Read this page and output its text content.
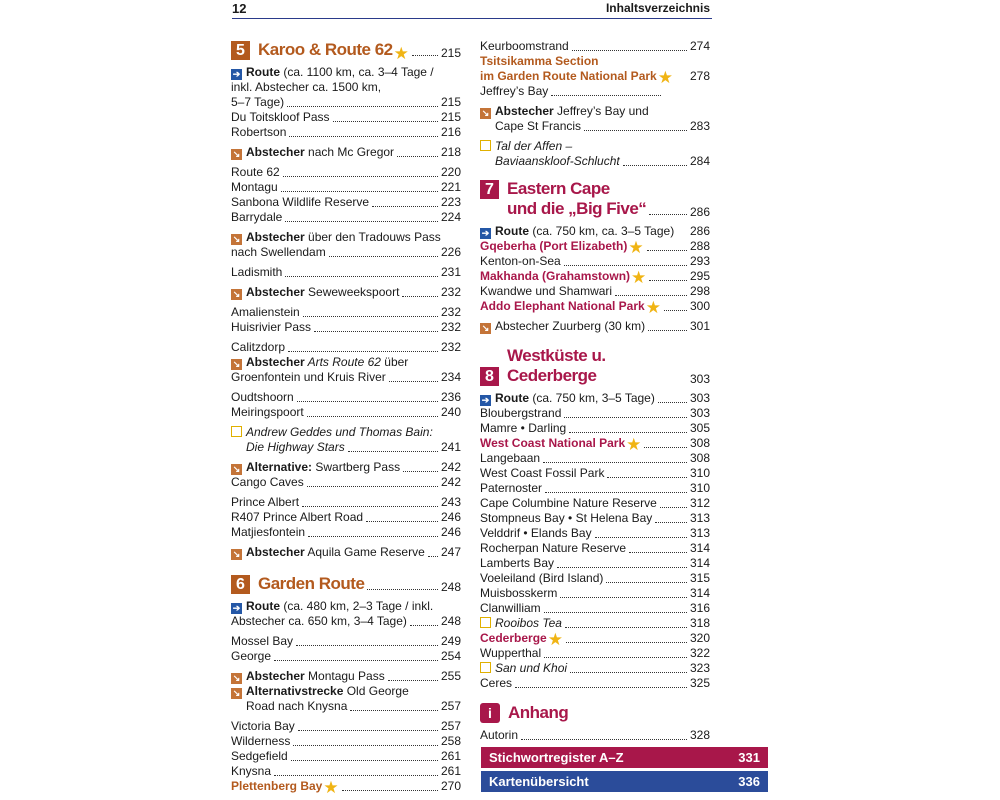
12	Inhaltsverzeichnis
5 Karoo & Route 62 ★	215
➔ Route (ca. 1100 km, ca. 3–4 Tage /
inkl. Abstecher ca. 1500 km,
5–7 Tage)	215
Du Toitskloof Pass	215
Robertson	216
↘ Abstecher nach Mc Gregor	218
Route 62	220
Montagu	221
Sanbona Wildlife Reserve	223
Barrydale	224
↘ Abstecher über den Tradouws Pass
nach Swellendam	226
Ladismith	231
↘ Abstecher Seweweekspoort	232
Amalienstein	232
Huisrivier Pass	232
Calitzdorp	232
↘ Abstecher Arts Route 62 über
Groenfontein und Kruis River	234
Oudtshoorn	236
Meiringspoort	240
Andrew Geddes und Thomas Bain:
Die Highway Stars	241
↘ Alternative: Swartberg Pass	242
Cango Caves	242
Prince Albert	243
R407 Prince Albert Road	246
Matjiesfontein	246
↘ Abstecher Aquila Game Reserve 247
6 Garden Route	248
➔ Route (ca. 480 km, 2–3 Tage / inkl.
Abstecher ca. 650 km, 3–4 Tage)	248
Mossel Bay	249
George	254
↘ Abstecher Montagu Pass	255
↘ Alternativstrecke Old George
Road nach Knysna	257
Victoria Bay	257
Wilderness	258
Sedgefield	261
Knysna	261
Plettenberg Bay ★	270
Keurboomstrand	274
Tsitsikamma Section
im Garden Route National Park ★ 278
Jeffrey’s Bay
↘ Abstecher Jeffrey’s Bay und
Cape St Francis	283
Tal der Affen –
Baviaanskloof-Schlucht	284
7 Eastern Cape
und die „Big Five“	286
➔ Route (ca. 750 km, ca. 3–5 Tage) 286
Gqeberha (Port Elizabeth) ★	288
Kenton-on-Sea	293
Makhanda (Grahamstown) ★	295
Kwandwe und Shamwari	298
Addo Elephant National Park ★ 300
↘ Abstecher Zuurberg (30 km)	301
8
Westküste u. Cederberge	303
➔ Route (ca. 750 km, 3–5 Tage)	303
Bloubergstrand	303
Mamre • Darling	305
West Coast National Park ★	308
Langebaan	308
West Coast Fossil Park	310
Paternoster	310
Cape Columbine Nature Reserve	312
Stompneus Bay • St Helena Bay	313
Velddrif • Elands Bay	313
Rocherpan Nature Reserve	314
Lamberts Bay	314
Voeleiland (Bird Island)	315
Muisbosskerm	314
Clanwilliam	316
Rooibos Tea	318
Cederberge ★	320
Wupperthal	322
San und Khoi	323
Ceres	325
i Anhang
Autorin	328
Stichwortregister A–Z	331
Kartenübersicht	336
